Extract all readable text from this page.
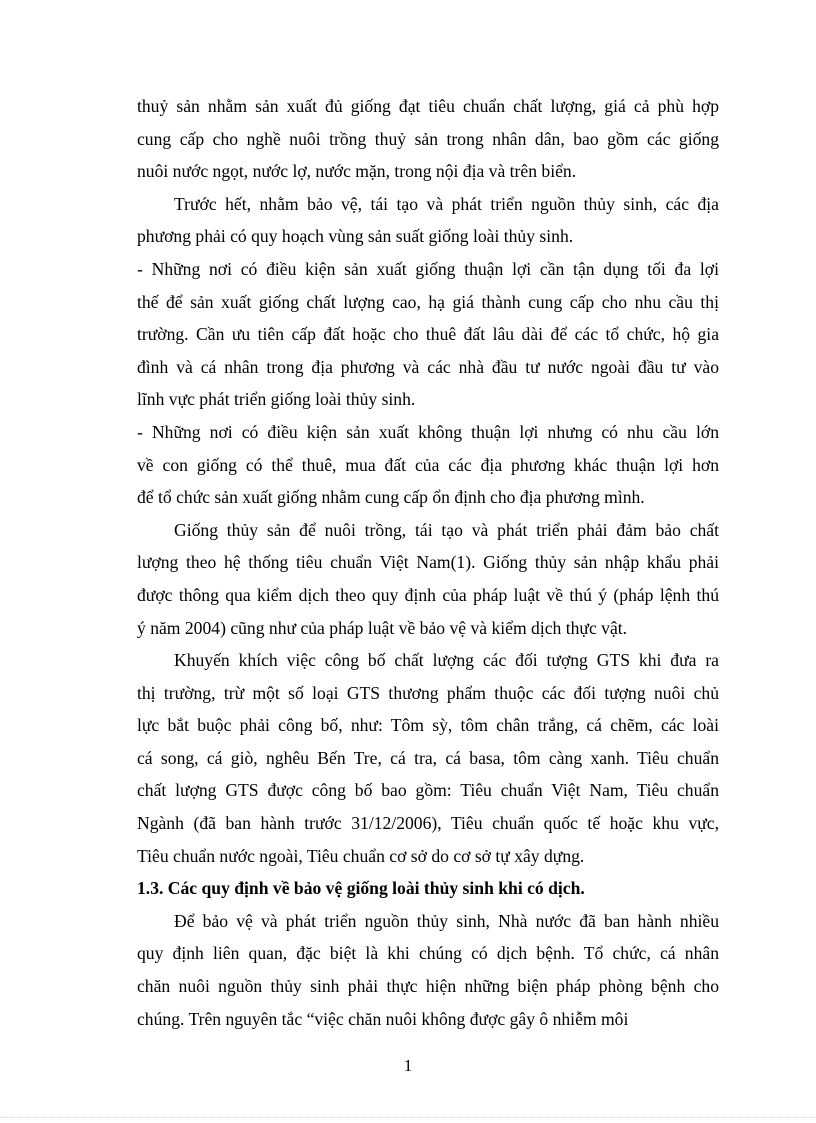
thuỷ sản nhằm sản xuất đủ giống đạt tiêu chuẩn chất lượng, giá cả phù hợp
cung cấp cho nghề nuôi trồng thuỷ sản trong nhân dân, bao gồm các giống
nuôi nước ngọt, nước lợ, nước mặn, trong nội địa và trên biển.
Trước hết, nhằm bảo vệ, tái tạo và phát triển nguồn thủy sinh, các địa
phương phải có quy hoạch vùng sản suất giống loài thủy sinh.
- Những nơi có điều kiện sản xuất giống thuận lợi cần tận dụng tối đa lợi
thế để sản xuất giống chất lượng cao, hạ giá thành cung cấp cho nhu cầu thị
trường. Cần ưu tiên cấp đất hoặc cho thuê đất lâu dài để các tổ chức, hộ gia
đình và cá nhân trong địa phương và các nhà đầu tư nước ngoài đầu tư vào
lĩnh vực phát triển giống loài thủy sinh.
- Những nơi có điều kiện sản xuất không thuận lợi nhưng có nhu cầu lớn
về con giống có thể thuê, mua đất của các địa phương khác thuận lợi hơn
để tổ chức sản xuất giống nhằm cung cấp ổn định cho địa phương mình.
Giống thủy sản để nuôi trồng, tái tạo và phát triển phải đảm bảo chất
lượng theo hệ thống tiêu chuẩn Việt Nam(1). Giống thủy sản nhập khẩu phải
được thông qua kiểm dịch theo quy định của pháp luật về thú ý (pháp lệnh thú
ý năm 2004) cũng như của pháp luật về bảo vệ và kiểm dịch thực vật.
Khuyến khích việc công bố chất lượng các đối tượng GTS khi đưa ra
thị trường, trừ một số loại GTS thương phẩm thuộc các đối tượng nuôi chủ
lực bắt buộc phải công bố, như: Tôm sỳ, tôm chân trắng, cá chẽm, các loài
cá song, cá giò, nghêu Bến Tre, cá tra, cá basa, tôm càng xanh. Tiêu chuẩn
chất lượng GTS được công bố bao gồm: Tiêu chuẩn Việt Nam, Tiêu chuẩn
Ngành (đã ban hành trước 31/12/2006), Tiêu chuẩn quốc tế hoặc khu vực,
Tiêu chuẩn nước ngoài, Tiêu chuẩn cơ sở do cơ sở tự xây dựng.
1.3. Các quy định về bảo vệ giống loài thủy sinh khi có dịch.
Để bảo vệ và phát triển nguồn thủy sinh, Nhà nước đã ban hành nhiều
quy định liên quan, đặc biệt là khi chúng có dịch bệnh. Tổ chức, cá nhân
chăn nuôi nguồn thủy sinh phải thực hiện những biện pháp phòng bệnh cho
chúng. Trên nguyên tắc “việc chăn nuôi không được gây ô nhiễm môi
1
